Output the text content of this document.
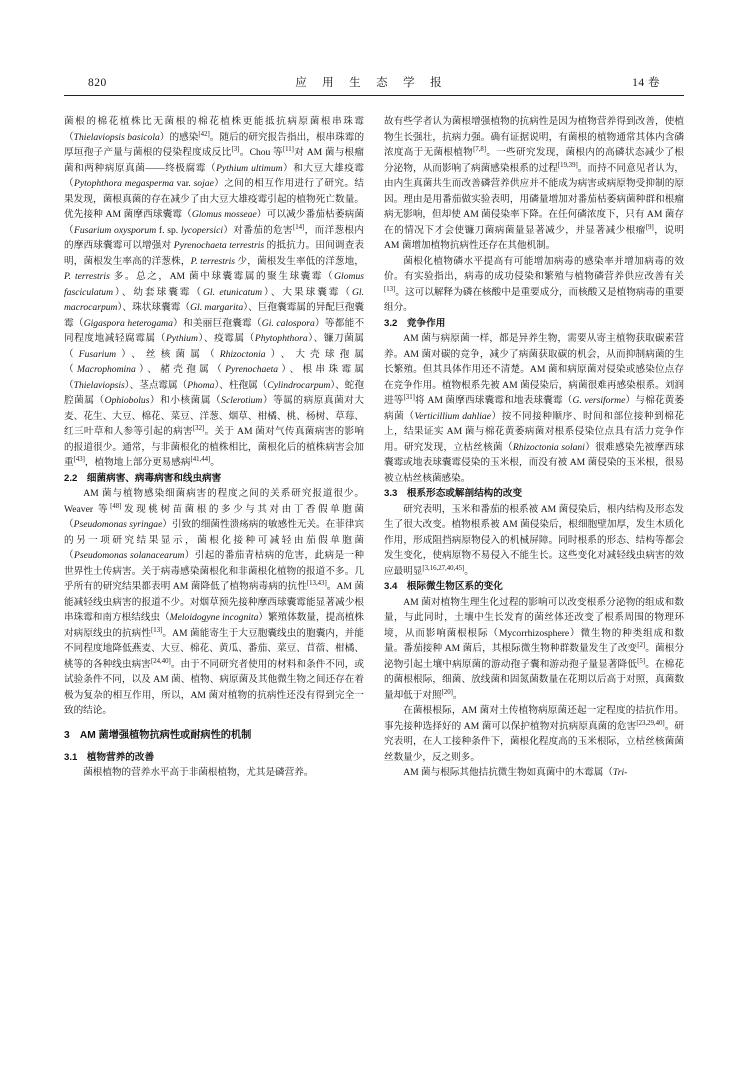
820	应　用　生　态　学　报	14 卷

菌根的棉花植株比无菌根的棉花植株更能抵抗病原菌根串珠霉（Thielaviopsis basicola）的感染[42]。随后的研究报告指出，根串珠霉的厚垣孢子产量与菌根的侵染程度成反比[3]。Chou 等[11]对 AM 菌与根瘤菌和两种病原真菌——终极腐霉（Pythium ultimum）和大豆大雄疫霉（Pytophthora megasperma var. sojae）之间的相互作用进行了研究。结果发现，菌根真菌的存在减少了由大豆大雄疫霉引起的植物死亡数量。优先接种 AM 菌摩西球囊霉（Glomus mosseae）可以减少番茄枯萎病菌（Fusarium oxysporum f. sp. lycopersici）对番茄的危害[14]，而洋葱根内的摩西球囊霉可以增强对 Pyrenochaeta terrestris 的抵抗力。田间调查表明，菌根发生率高的洋葱株，P. terrestris 少，菌根发生率低的洋葱地，P. terrestris 多。总之，AM 菌中球囊霉属的聚生球囊霉（Glomus fasciculatum）、幼套球囊霉（Gl. etunicatum）、大果球囊霉（Gl. macrocarpum）、珠状球囊霉（Gl. margarita）、巨孢囊霉属的异配巨孢囊霉（Gigaspora heterogama）和美丽巨孢囊霉（Gi. calospora）等都能不同程度地减轻腐霉属（Pythium）、疫霉属（Phytophthora）、镰刀菌属（Fusarium）、丝核菌属（Rhizoctonia）、大壳球孢属（Macrophomina）、赭壳孢属（Pyrenochaeta）、根串珠霉属（Thielaviopsis）、茎点霉属（Phoma）、柱孢属（Cylindrocarpum）、蛇孢腔菌属（Ophiobolus）和小核菌属（Sclerotium）等属的病原真菌对大麦、花生、大豆、棉花、菜豆、洋葱、烟草、柑橘、桃、杨树、草莓、红三叶草和人参等引起的病害[32]。关于 AM 菌对气传真菌病害的影响的报道很少。通常，与非菌根化的植株相比，菌根化后的植株病害会加重[43]，植物地上部分更易感病[41,44]。

2.2　细菌病害、病毒病害和线虫病害

AM 菌与植物感染细菌病害的程度之间的关系研究报道很少。Weaver 等[48]发现桃树苗菌根的多少与其对由丁香假单胞菌（Pseudomonas syringae）引致的细菌性溃疡病的敏感性无关。在菲律宾的另一项研究结果显示，菌根化接种可减轻由茄假单胞菌（Pseudomonas solanacearum）引起的番茄青枯病的危害，此病是一种世界性土传病害。关于病毒感染菌根化和非菌根化植物的报道不多。几乎所有的研究结果都表明 AM 菌降低了植物病毒病的抗性[13,43]。AM 菌能减轻线虫病害的报道不少。对烟草预先接种摩西球囊霉能显著减少根串珠霉和南方根结线虫（Meloidogyne incognita）繁殖体数量，提高植株对病原线虫的抗病性[13]。AM 菌能寄生于大豆胞囊线虫的胞囊内，并能不同程度地降低燕麦、大豆、棉花、黄瓜、番茄、菜豆、苜蓿、柑橘、桃等的各种线虫病害[24,40]。由于不同研究者使用的材料和条件不同，或试验条件不同，以及 AM 菌、植物、病原菌及其他微生物之间还存在着极为复杂的相互作用，所以，AM 菌对植物的抗病性还没有得到完全一致的结论。

3　AM 菌增强植物抗病性或耐病性的机制
3.1　植物营养的改善

菌根植物的营养水平高于非菌根植物，尤其是磷营养。

故有些学者认为菌根增强植物的抗病性是因为植物营养得到改善，使植物生长强壮，抗病力强。确有证据说明，有菌根的植物通常其体内含磷浓度高于无菌根植物[7,8]。一些研究发现，菌根内的高磷状态减少了根分泌物，从而影响了病菌感染根系的过程[19,39]。而持不同意见者认为，由内生真菌共生而改善磷营养供应并不能成为病害或病原物受抑制的原因。理由是用番茄做实验表明，用磷量增加对番茄枯萎病菌种群和根瘤病无影响，但却使 AM 菌侵染率下降。在任何磷浓度下，只有 AM 菌存在的情况下才会使镰刀菌病菌量显著减少，并显著减少根瘤[9]，说明 AM 菌增加植物抗病性还存在其他机制。

菌根化植物磷水平提高有可能增加病毒的感染率并增加病毒的效价。有实验指出，病毒的成功侵染和繁殖与植物磷营养供应改善有关[13]。这可以解释为磷在核酸中是重要成分，而核酸又是植物病毒的重要组分。

3.2　竞争作用

AM 菌与病原菌一样，都是异养生物，需要从寄主植物获取碳素营养。AM 菌对碳的竞争，减少了病菌获取碳的机会，从而抑制病菌的生长繁殖。但其具体作用还不清楚。AM 菌和病原菌对侵染或感染位点存在竞争作用。植物根系先被 AM 菌侵染后，病菌很难再感染根系。刘润进等[31]将 AM 菌摩西球囊霉和地表球囊霉（G. versiforme）与棉花黄萎病菌（Verticillium dahliae）按不同接种顺序、时间和部位接种到棉花上，结果证实 AM 菌与棉花黄萎病菌对根系侵染位点具有活力竞争作用。研究发现，立枯丝核菌（Rhizoctonia solani）很难感染先被摩西球囊霉或地表球囊霉侵染的玉米根，而没有被 AM 菌侵染的玉米根，很易被立枯丝核菌感染。

3.3　根系形态或解剖结构的改变

研究表明，玉米和番茄的根系被 AM 菌侵染后，根内结构及形态发生了很大改变。植物根系被 AM 菌侵染后，根细胞壁加厚，发生木质化作用，形成阻挡病原物侵入的机械屏障。同时根系的形态、结构等都会发生变化，使病原物不易侵入不能生长。这些变化对减轻线虫病害的效应最明显[3,16,27,40,45]。

3.4　根际微生物区系的变化

AM 菌对植物生理生化过程的影响可以改变根系分泌物的组成和数量，与此同时，土壤中生长发育的菌丝体还改变了根系周围的物理环境，从而影响菌根根际（Mycorrhizosphere）微生物的种类组成和数量。番茄接种 AM 菌后，其根际微生物种群数量发生了改变[2]。菌根分泌物引起土壤中病原菌的游动孢子囊和游动孢子量显著降低[5]。在棉花的菌根根际，细菌、放线菌和固氮菌数量在花期以后高于对照，真菌数量却低于对照[20]。

在菌根根际，AM 菌对土传植物病原菌还起一定程度的拮抗作用。事先接种选择好的 AM 菌可以保护植物对抗病原真菌的危害[23,29,40]。研究表明，在人工接种条件下，菌根化程度高的玉米根际，立枯丝核菌菌丝数量少，反之则多。

AM 菌与根际其他拮抗微生物如真菌中的木霉属（Tri-
